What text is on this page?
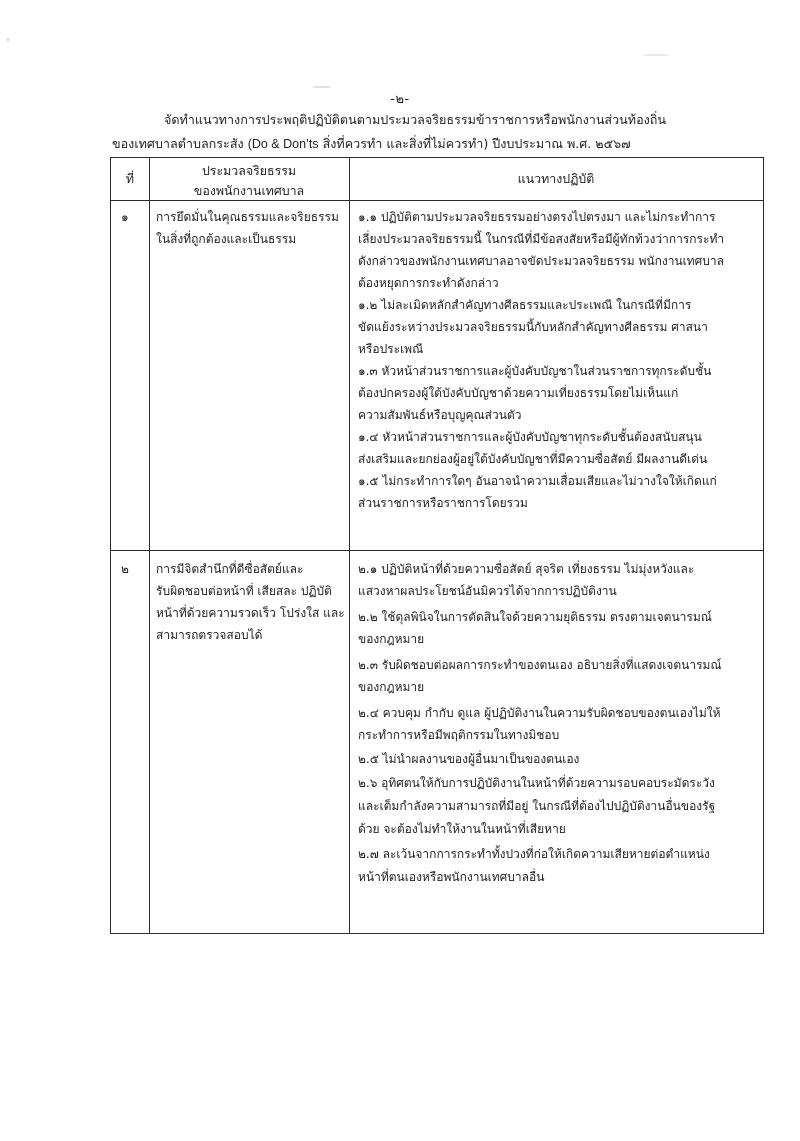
-๒-
จัดทำแนวทางการประพฤติปฏิบัติตนตามประมวลจริยธรรมข้าราชการหรือพนักงานส่วนท้องถิ่น
ของเทศบาลตำบลกระสัง (Do & Don’ts สิ่งที่ควรทำ และสิ่งที่ไม่ควรทำ) ปีงบประมาณ พ.ศ. ๒๕๖๗
ที่
ประมวลจริยธรรม
ของพนักงานเทศบาล
แนวทางปฏิบัติ
๑ การยึดมั่นในคุณธรรมและจริยธรรม
ในสิ่งที่ถูกต้องและเป็นธรรม
๑.๑ ปฏิบัติตามประมวลจริยธรรมอย่างตรงไปตรงมา และไม่กระทำการ
เลี่ยงประมวลจริยธรรมนี้ ในกรณีที่มีข้อสงสัยหรือมีผู้ทักท้วงว่าการกระทำ
ดังกล่าวของพนักงานเทศบาลอาจขัดประมวลจริยธรรม พนักงานเทศบาล
ต้องหยุดการกระทำดังกล่าว
๑.๒ ไม่ละเมิดหลักสำคัญทางศีลธรรมและประเพณี ในกรณีที่มีการ
ขัดแย้งระหว่างประมวลจริยธรรมนี้กับหลักสำคัญทางศีลธรรม ศาสนา
หรือประเพณี
๑.๓ หัวหน้าส่วนราชการและผู้บังคับบัญชาในส่วนราชการทุกระดับชั้น
ต้องปกครองผู้ใต้บังคับบัญชาด้วยความเที่ยงธรรมโดยไม่เห็นแก่
ความสัมพันธ์หรือบุญคุณส่วนตัว
๑.๔ หัวหน้าส่วนราชการและผู้บังคับบัญชาทุกระดับชั้นต้องสนับสนุน
ส่งเสริมและยกย่องผู้อยู่ใต้บังคับบัญชาที่มีความซื่อสัตย์ มีผลงานดีเด่น
๑.๕ ไม่กระทำการใดๆ อันอาจนำความเสื่อมเสียและไม่วางใจให้เกิดแก่
ส่วนราชการหรือราชการโดยรวม
๒ การมีจิตสำนึกที่ดีซื่อสัตย์และ
รับผิดชอบต่อหน้าที่ เสียสละ ปฏิบัติ
หน้าที่ด้วยความรวดเร็ว โปร่งใส และ
สามารถตรวจสอบได้
๒.๑ ปฏิบัติหน้าที่ด้วยความซื่อสัตย์ สุจริต เที่ยงธรรม ไม่มุ่งหวังและ
แสวงหาผลประโยชน์อันมิควรได้จากการปฏิบัติงาน
๒.๒ ใช้ดุลพินิจในการตัดสินใจด้วยความยุติธรรม ตรงตามเจตนารมณ์
ของกฎหมาย
๒.๓ รับผิดชอบต่อผลการกระทำของตนเอง อธิบายสิ่งที่แสดงเจตนารมณ์
ของกฎหมาย
๒.๔ ควบคุม กำกับ ดูแล ผู้ปฏิบัติงานในความรับผิดชอบของตนเองไม่ให้
กระทำการหรือมีพฤติกรรมในทางมิชอบ
๒.๕ ไม่นำผลงานของผู้อื่นมาเป็นของตนเอง
๒.๖ อุทิศตนให้กับการปฏิบัติงานในหน้าที่ด้วยความรอบคอบระมัดระวัง
และเต็มกำลังความสามารถที่มีอยู่ ในกรณีที่ต้องไปปฏิบัติงานอื่นของรัฐ
ด้วย จะต้องไม่ทำให้งานในหน้าที่เสียหาย
๒.๗ ละเว้นจากการกระทำทั้งปวงที่ก่อให้เกิดความเสียหายต่อตำแหน่ง
หน้าที่ตนเองหรือพนักงานเทศบาลอื่น
